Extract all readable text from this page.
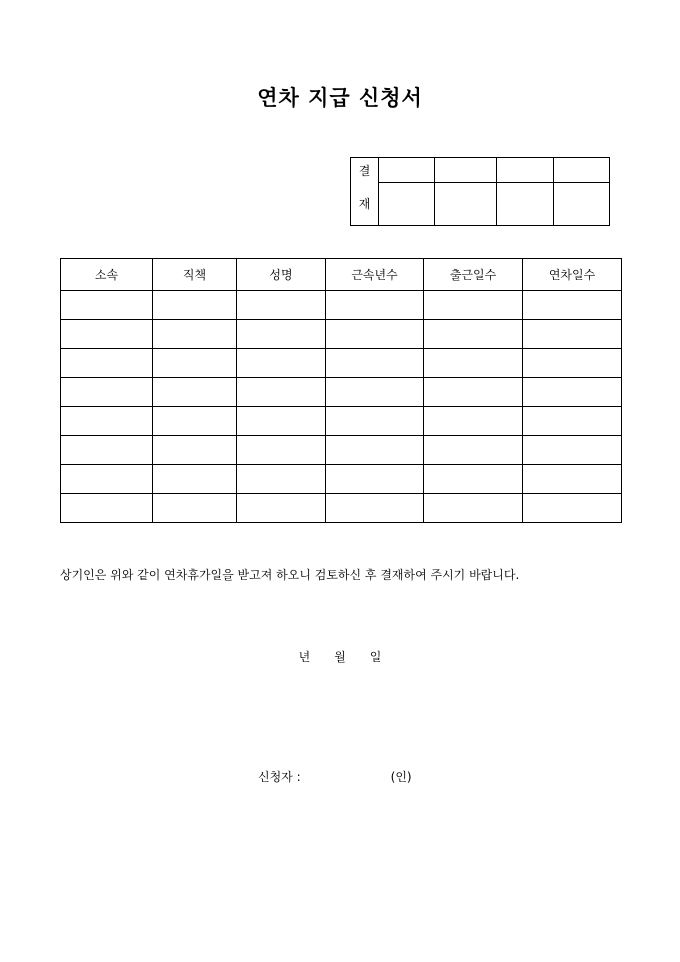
연차 지급 신청서
결				
재				
소속	직책	성명	근속년수	출근일수	연차일수

상기인은 위와 같이 연차휴가일을 받고져 하오니 검토하신 후 결재하여 주시기 바랍니다.

년 월 일

신청자 :	(인)
